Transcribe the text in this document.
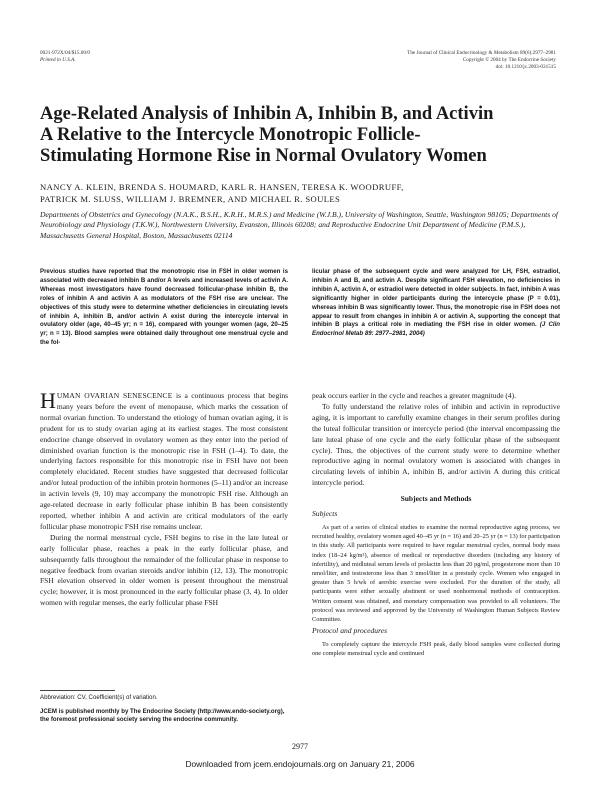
0021-972X/04/$15.00/0
Printed in U.S.A.
The Journal of Clinical Endocrinology & Metabolism 89(6):2977–2981
Copyright © 2004 by The Endocrine Society
doi: 10.1210/jc.2003-031515
Age-Related Analysis of Inhibin A, Inhibin B, and Activin
A Relative to the Intercycle Monotropic Follicle-
Stimulating Hormone Rise in Normal Ovulatory Women
NANCY A. KLEIN, BRENDA S. HOUMARD, KARL R. HANSEN, TERESA K. WOODRUFF,
PATRICK M. SLUSS, WILLIAM J. BREMNER, AND MICHAEL R. SOULES
Departments of Obstetrics and Gynecology (N.A.K., B.S.H., K.R.H., M.R.S.) and Medicine (W.J.B.), University of Washington, Seattle, Washington 98105; Departments of Neurobiology and Physiology (T.K.W.), Northwestern University, Evanston, Illinois 60208; and Reproductive Endocrine Unit Department of Medicine (P.M.S.), Massachusetts General Hospital, Boston, Massachusetts 02114

Previous studies have reported that the monotropic rise in FSH in older women is associated with decreased inhibin B and/or A levels and increased levels of activin A. Whereas most investigators have found decreased follicular-phase inhibin B, the roles of inhibin A and activin A as modulators of the FSH rise are unclear. The objectives of this study were to determine whether deficiencies in circulating levels of inhibin A, inhibin B, and/or activin A exist during the intercycle interval in ovulatory older (age, 40–45 yr; n = 16), compared with younger women (age, 20–25 yr; n = 13). Blood samples were obtained daily throughout one menstrual cycle and the fol-

licular phase of the subsequent cycle and were analyzed for LH, FSH, estradiol, inhibin A and B, and activin A. Despite significant FSH elevation, no deficiencies in inhibin A, activin A, or estradiol were detected in older subjects. In fact, inhibin A was significantly higher in older participants during the intercycle phase (P = 0.01), whereas inhibin B was significantly lower. Thus, the monotropic rise in FSH does not appear to result from changes in inhibin A or activin A, supporting the concept that inhibin B plays a critical role in mediating the FSH rise in older women. (J Clin Endocrinol Metab 89: 2977–2981, 2004)

HUMAN OVARIAN SENESCENCE is a continuous process that begins many years before the event of menopause, which marks the cessation of normal ovarian function. To understand the etiology of human ovarian aging, it is prudent for us to study ovarian aging at its earliest stages. The most consistent endocrine change observed in ovulatory women as they enter into the period of diminished ovarian function is the monotropic rise in FSH (1–4). To date, the underlying factors responsible for this monotropic rise in FSH have not been completely elucidated. Recent studies have suggested that decreased follicular and/or luteal production of the inhibin protein hormones (5–11) and/or an increase in activin levels (9, 10) may accompany the monotropic FSH rise. Although an age-related decrease in early follicular phase inhibin B has been consistently reported, whether inhibin A and activin are critical modulators of the early follicular phase monotropic FSH rise remains unclear.

During the normal menstrual cycle, FSH begins to rise in the late luteal or early follicular phase, reaches a peak in the early follicular phase, and subsequently falls throughout the remainder of the follicular phase in response to negative feedback from ovarian steroids and/or inhibin (12, 13). The monotropic FSH elevation observed in older women is present throughout the menstrual cycle; however, it is most pronounced in the early follicular phase (3, 4). In older women with regular menses, the early follicular phase FSH

peak occurs earlier in the cycle and reaches a greater magnitude (4).

To fully understand the relative roles of inhibin and activin in reproductive aging, it is important to carefully examine changes in their serum profiles during the luteal follicular transition or intercycle period (the interval encompassing the late luteal phase of one cycle and the early follicular phase of the subsequent cycle). Thus, the objectives of the current study were to determine whether reproductive aging in normal ovulatory women is associated with changes in circulating levels of inhibin A, inhibin B, and/or activin A during this critical intercycle period.

Subjects and Methods
Subjects

As part of a series of clinical studies to examine the normal reproductive aging process, we recruited healthy, ovulatory women aged 40–45 yr (n = 16) and 20–25 yr (n = 13) for participation in this study. All participants were required to have regular menstrual cycles, normal body mass index (18–24 kg/m²), absence of medical or reproductive disorders (including any history of infertility), and midluteal serum levels of prolactin less than 20 pg/ml, progesterone more than 10 nmol/liter, and testosterone less than 3 nmol/liter in a prestudy cycle. Women who engaged in greater than 5 h/wk of aerobic exercise were excluded. For the duration of the study, all participants were either sexually abstinent or used nonhormonal methods of contraception. Written consent was obtained, and monetary compensation was provided to all volunteers. The protocol was reviewed and approved by the University of Washington Human Subjects Review Committee.

Protocol and procedures

To completely capture the intercycle FSH peak, daily blood samples were collected during one complete menstrual cycle and continued

Abbreviation: CV, Coefficient(s) of variation.
JCEM is published monthly by The Endocrine Society (http://www.endo-society.org), the foremost professional society serving the endocrine community.
2977
Downloaded from jcem.endojournals.org on January 21, 2006
